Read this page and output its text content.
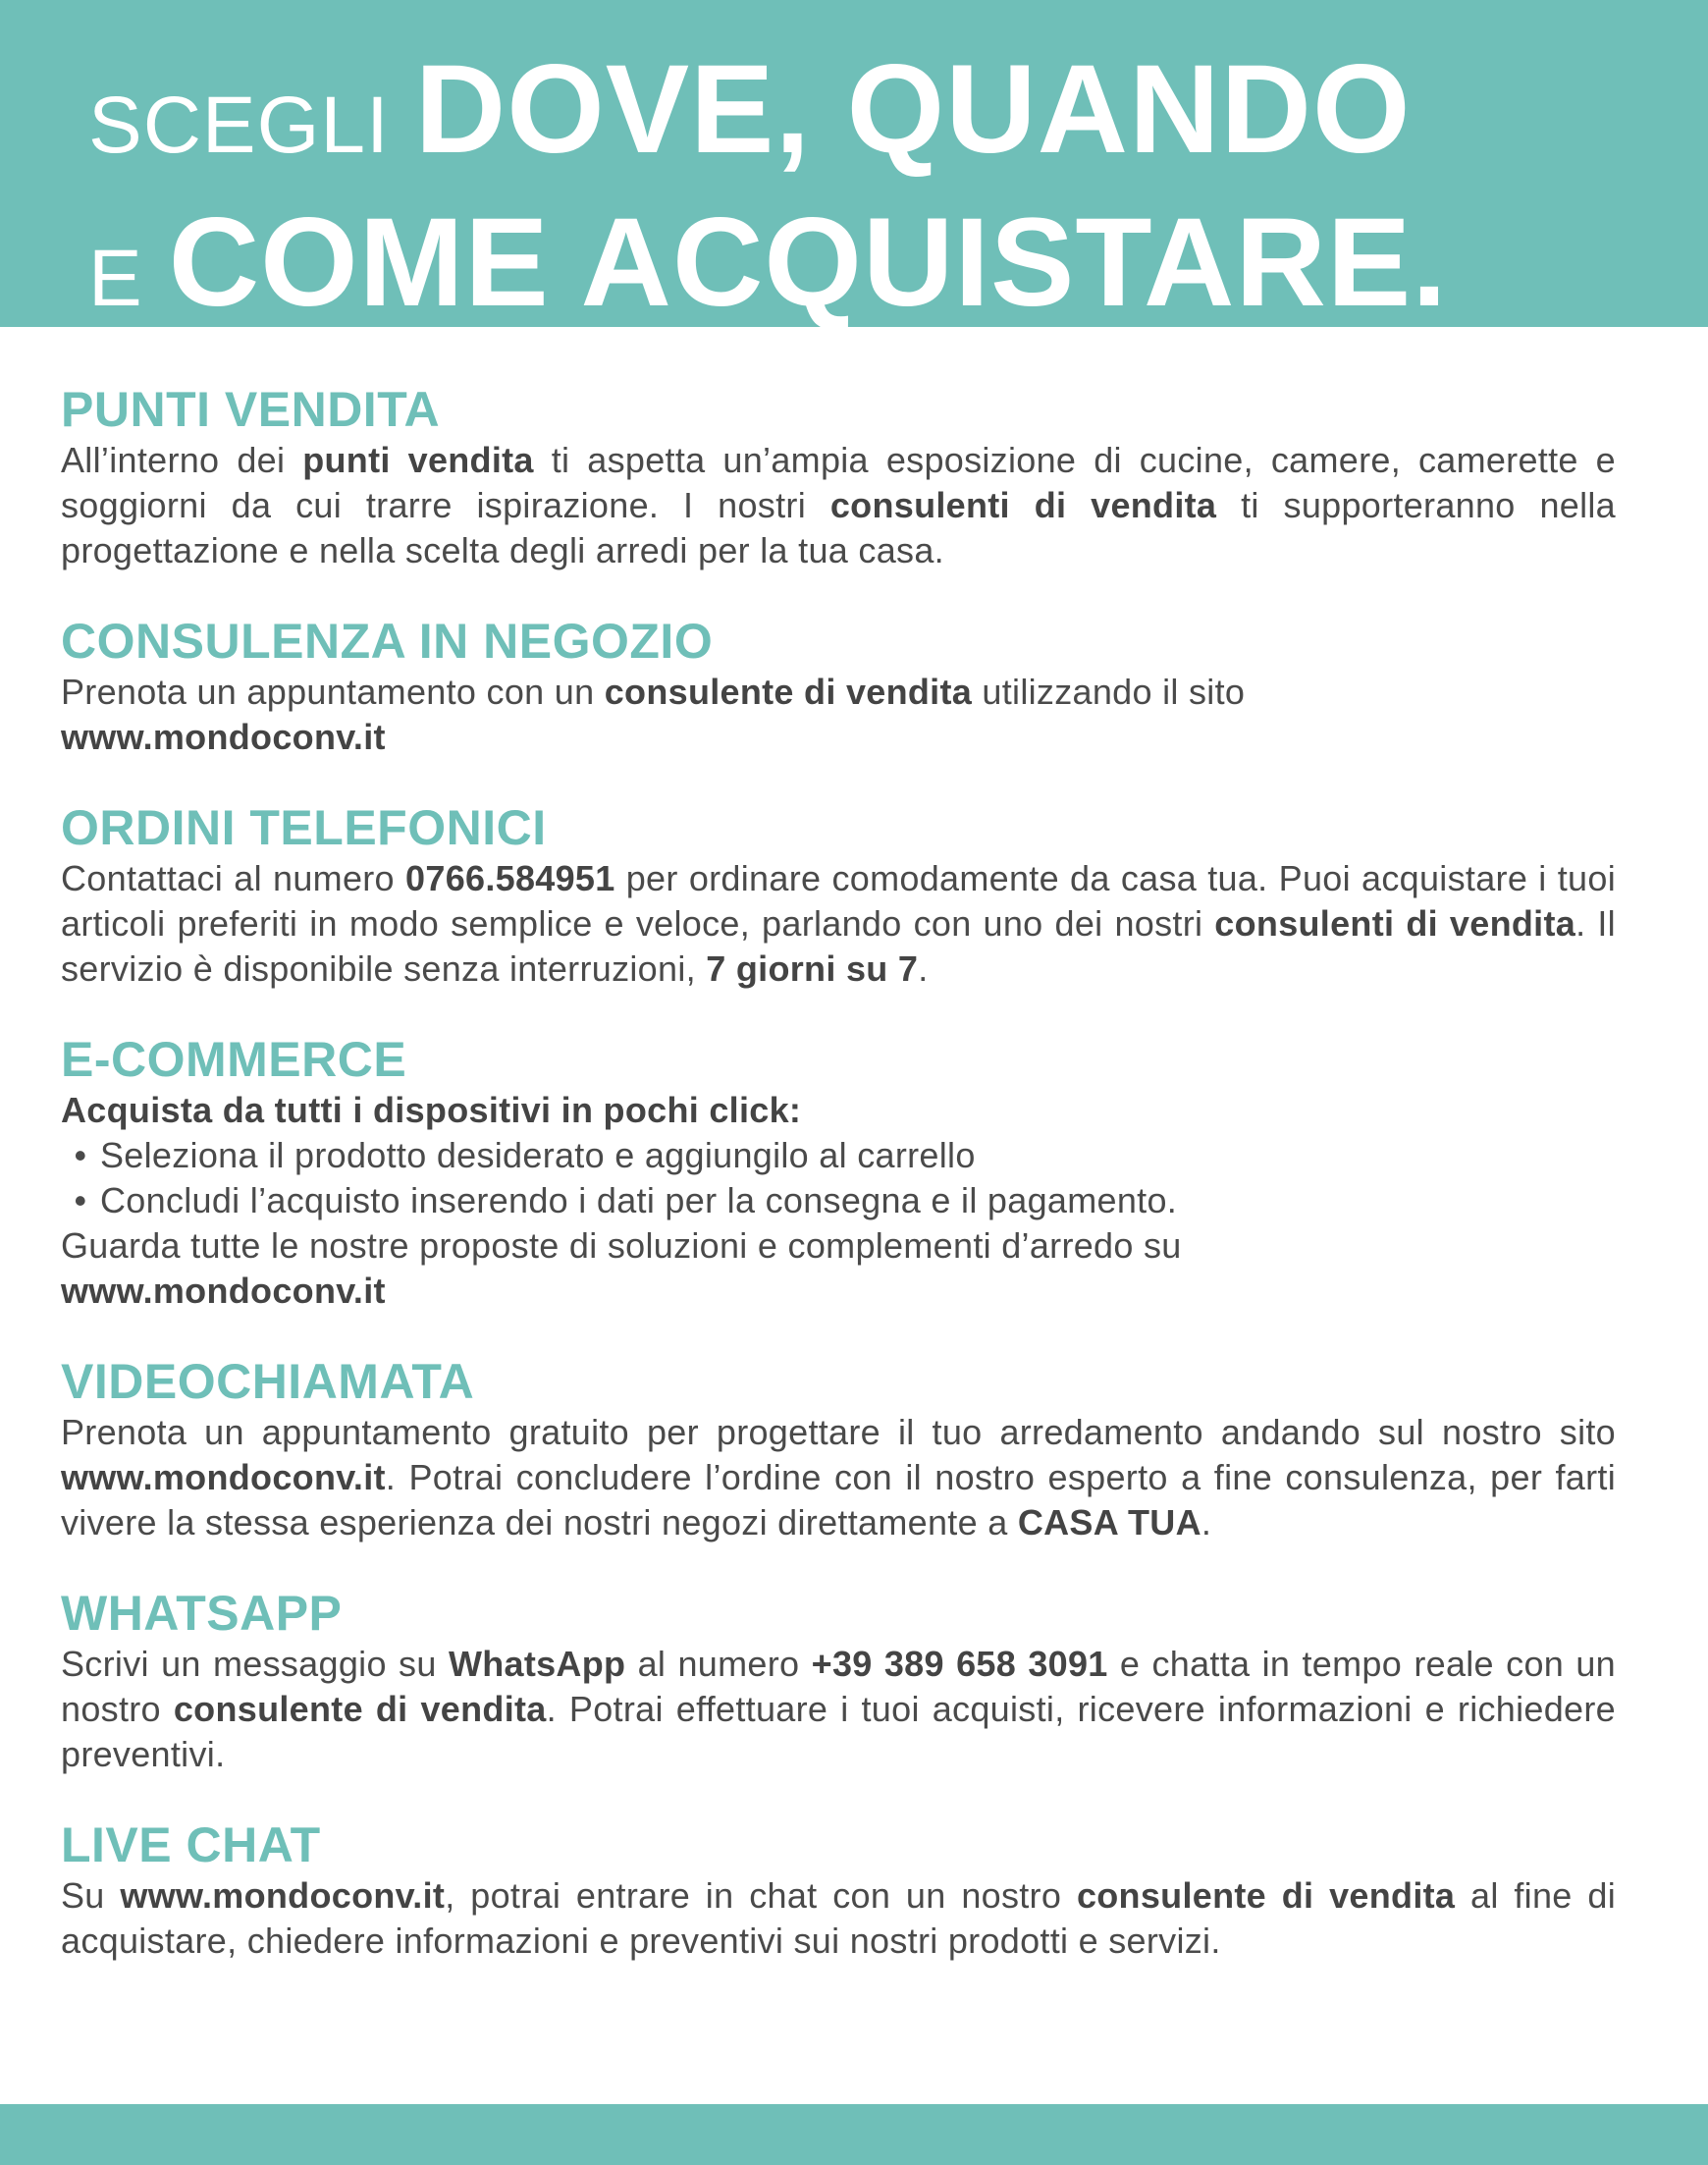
SCEGLI DOVE, QUANDO
E COME ACQUISTARE.
PUNTI VENDITA

All’interno dei punti vendita ti aspetta un’ampia esposizione di cucine, camere, camerette e soggiorni da cui trarre ispirazione. I nostri consulenti di vendita ti supporteranno nella progettazione e nella scelta degli arredi per la tua casa.

CONSULENZA IN NEGOZIO

Prenota un appuntamento con un consulente di vendita utilizzando il sito
www.mondoconv.it

ORDINI TELEFONICI

Contattaci al numero 0766.584951 per ordinare comodamente da casa tua. Puoi acquistare i tuoi articoli preferiti in modo semplice e veloce, parlando con uno dei nostri consulenti di vendita. Il servizio è disponibile senza interruzioni, 7 giorni su 7.

E-COMMERCE

Acquista da tutti i dispositivi in pochi click:

• Seleziona il prodotto desiderato e aggiungilo al carrello
• Concludi l’acquisto inserendo i dati per la consegna e il pagamento.

Guarda tutte le nostre proposte di soluzioni e complementi d’arredo su
www.mondoconv.it

VIDEOCHIAMATA

Prenota un appuntamento gratuito per progettare il tuo arredamento andando sul nostro sito www.mondoconv.it. Potrai concludere l’ordine con il nostro esperto a fine consulenza, per farti vivere la stessa esperienza dei nostri negozi direttamente a CASA TUA.

WHATSAPP

Scrivi un messaggio su WhatsApp al numero +39 389 658 3091 e chatta in tempo reale con un nostro consulente di vendita. Potrai effettuare i tuoi acquisti, ricevere informazioni e richiedere preventivi.

LIVE CHAT

Su www.mondoconv.it, potrai entrare in chat con un nostro consulente di vendita al fine di acquistare, chiedere informazioni e preventivi sui nostri prodotti e servizi.
